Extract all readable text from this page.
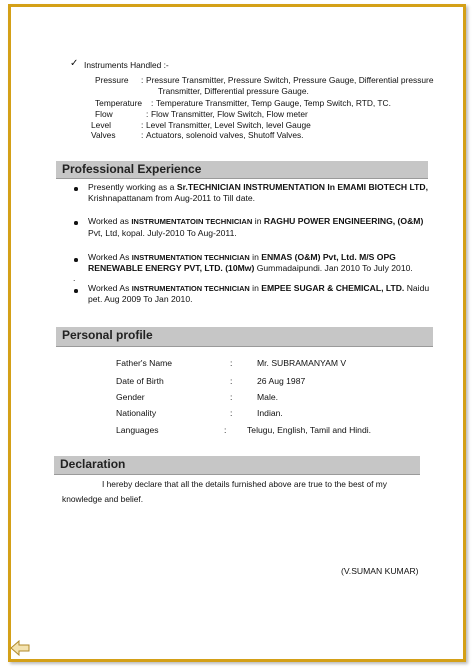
✓ Instruments Handled :-
Pressure : Pressure Transmitter, Pressure Switch, Pressure Gauge, Differential pressure
Transmitter, Differential pressure Gauge.
Temperature : Temperature Transmitter, Temp Gauge, Temp Switch, RTD, TC.
Flow	: Flow Transmitter, Flow Switch, Flow meter
Level	: Level Transmitter, Level Switch, level Gauge
Valves	: Actuators, solenoid valves, Shutoff Valves.
Professional Experience
Presently working as a Sr.TECHNICIAN INSTRUMENTATION In EMAMI BIOTECH LTD,
Krishnapattanam from Aug-2011 to Till date.
Worked as INSTRUMENTATOIN TECHNICIAN in RAGHU POWER ENGINEERING, (O&M)
Pvt, Ltd, kopal. July-2010 To Aug-2011.
Worked As INSTRUMENTATION TECHNICIAN in ENMAS (O&M) Pvt, Ltd. M/S OPG
RENEWABLE ENERGY PVT, LTD. (10Mw) Gummadaipundi. Jan 2010 To July 2010.
.
Worked As INSTRUMENTATION TECHNICIAN in EMPEE SUGAR & CHEMICAL, LTD. Naidu
pet. Aug 2009 To Jan 2010.
Personal profile
Father's Name	:	Mr. SUBRAMANYAM V
Date of Birth	:	26 Aug 1987
Gender	:	Male.
Nationality	:	Indian.
Languages	: Telugu, English, Tamil and Hindi.
Declaration
I hereby declare that all the details furnished above are true to the best of my
knowledge and belief.
(V.SUMAN KUMAR)
